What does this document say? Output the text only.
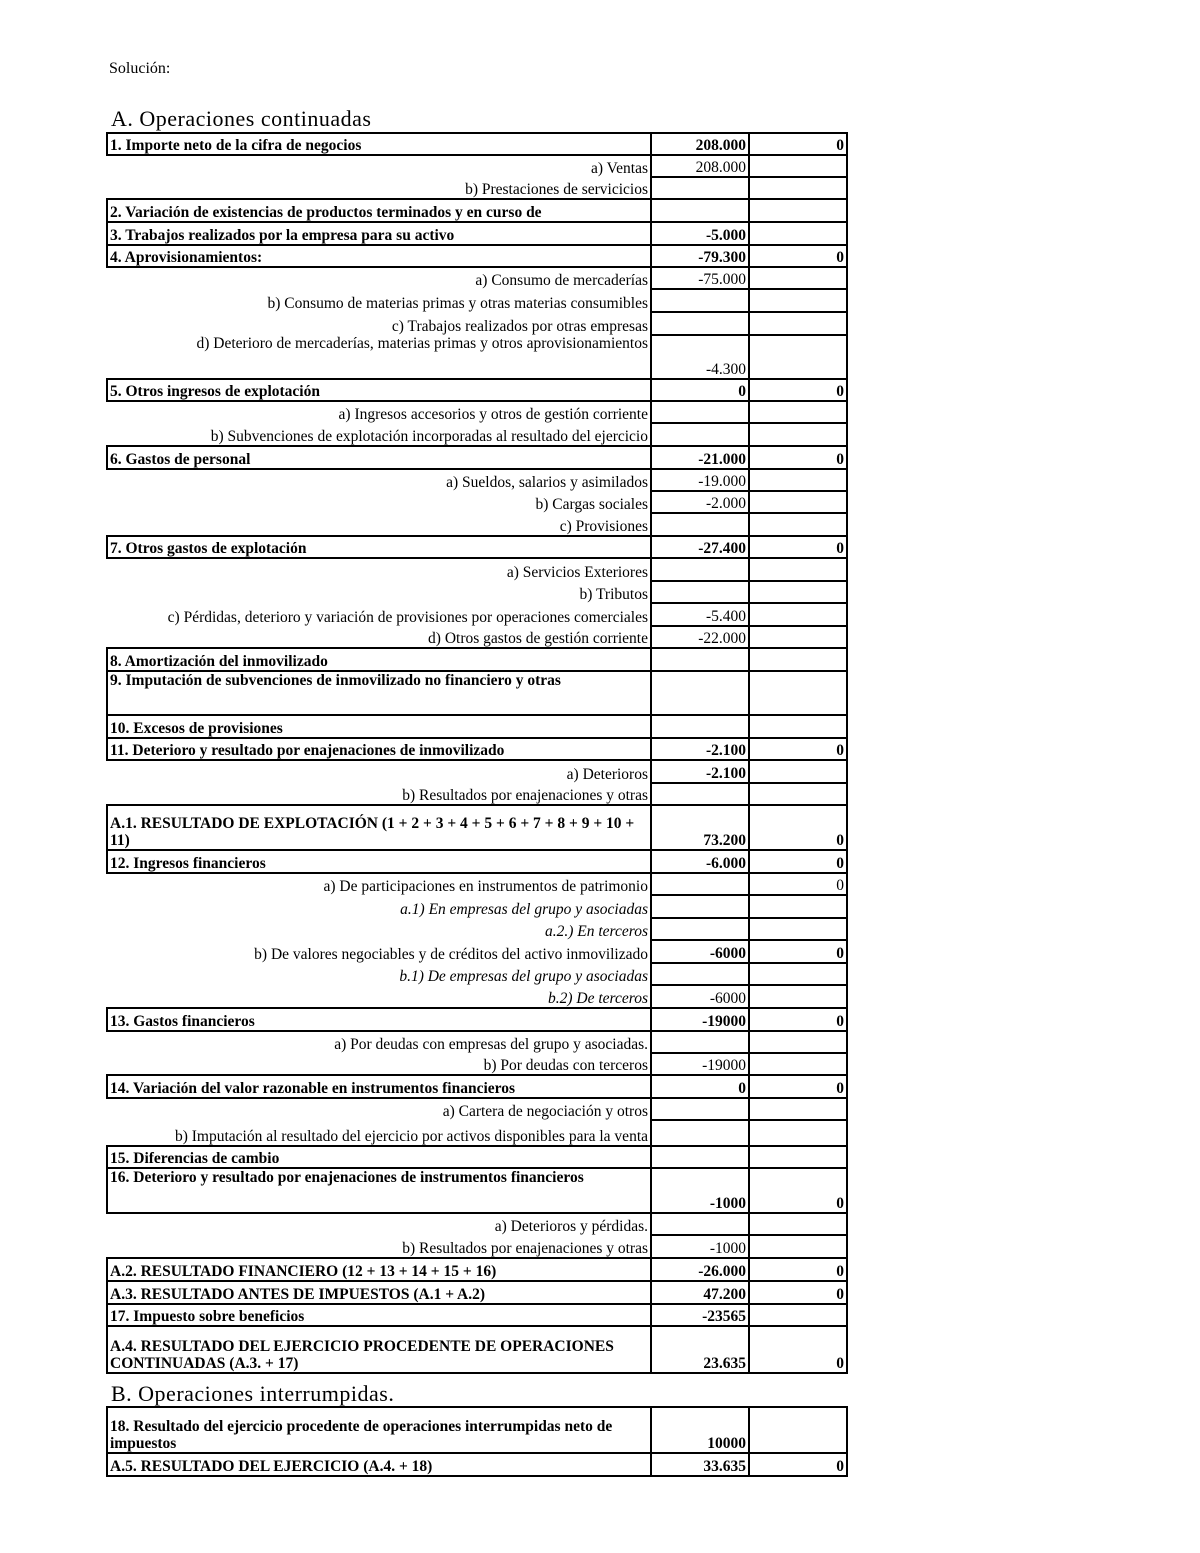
Solución:
A. Operaciones continuadas
1. Importe neto de la cifra de negocios	208.000	0
a) Ventas	208.000	
b) Prestaciones de servicicios		
2. Variación de existencias de productos terminados y en curso de		
3. Trabajos realizados por la empresa para su activo	-5.000	
4. Aprovisionamientos:	-79.300	0
a) Consumo de mercaderías	-75.000	
b) Consumo de materias primas y otras materias consumibles		
c) Trabajos realizados por otras empresas		
d) Deterioro de mercaderías, materias primas y otros aprovisionamientos	-4.300	
5. Otros ingresos de explotación	0	0
a) Ingresos accesorios y otros de gestión corriente		
b) Subvenciones de explotación incorporadas al resultado del ejercicio		
6. Gastos de personal	-21.000	0
a) Sueldos, salarios y asimilados	-19.000	
b) Cargas sociales	-2.000	
c) Provisiones		
7. Otros gastos de explotación	-27.400	0
a) Servicios Exteriores		
b) Tributos		
c) Pérdidas, deterioro y variación de provisiones por operaciones comerciales	-5.400	
d) Otros gastos de gestión corriente	-22.000	
8. Amortización del inmovilizado		
9. Imputación de subvenciones de inmovilizado no financiero y otras		
10. Excesos de provisiones		
11. Deterioro y resultado por enajenaciones de inmovilizado	-2.100	0
a) Deterioros	-2.100	
b) Resultados por enajenaciones y otras		
A.1. RESULTADO DE EXPLOTACIÓN (1 + 2 + 3 + 4 + 5 + 6 + 7 + 8 + 9 + 10 + 11)	73.200	0
12. Ingresos financieros	-6.000	0
a) De participaciones en instrumentos de patrimonio		0
a.1) En empresas del grupo y asociadas		
a.2.) En terceros		
b) De valores negociables y de créditos del activo inmovilizado	-6000	0
b.1) De empresas del grupo y asociadas		
b.2) De terceros	-6000	
13. Gastos financieros	-19000	0
a) Por deudas con empresas del grupo y asociadas.		
b) Por deudas con terceros	-19000	
14. Variación del valor razonable en instrumentos financieros	0	0
a) Cartera de negociación y otros		
b) Imputación al resultado del ejercicio por activos disponibles para la venta		
15. Diferencias de cambio		
16. Deterioro y resultado por enajenaciones de instrumentos financieros	-1000	0
a) Deterioros y pérdidas.		
b) Resultados por enajenaciones y otras	-1000	
A.2. RESULTADO FINANCIERO (12 + 13 + 14 + 15 + 16)	-26.000	0
A.3. RESULTADO ANTES DE IMPUESTOS (A.1 + A.2)	47.200	0
17. Impuesto sobre beneficios	-23565	
A.4. RESULTADO DEL EJERCICIO PROCEDENTE DE OPERACIONES CONTINUADAS (A.3. + 17)	23.635	0
B. Operaciones interrumpidas.
18. Resultado del ejercicio procedente de operaciones interrumpidas neto de impuestos	10000	
A.5. RESULTADO DEL EJERCICIO (A.4. + 18)	33.635	0
